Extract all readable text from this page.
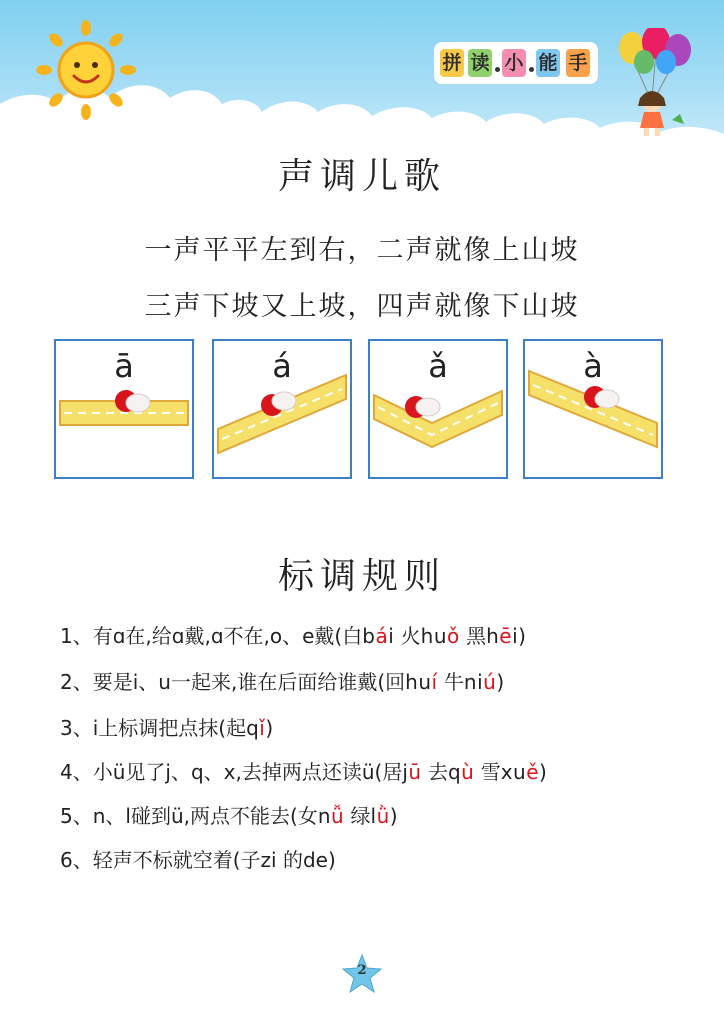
拼 读 小 能 手
声调儿歌
一声平平左到右，二声就像上山坡
三声下坡又上坡，四声就像下山坡
ā	á	ǎ	à
标调规则
1、有ɑ在,给ɑ戴,ɑ不在,o、e戴(白bái 火huǒ 黑hēi)
2、要是i、u一起来,谁在后面给谁戴(回huí 牛niú)
3、i上标调把点抹(起qǐ)
4、小ü见了j、q、x,去掉两点还读ü(居jū 去qù 雪xuě)
5、n、l碰到ü,两点不能去(女nǚ 绿lǜ)
6、轻声不标就空着(子zi 的de)
2
